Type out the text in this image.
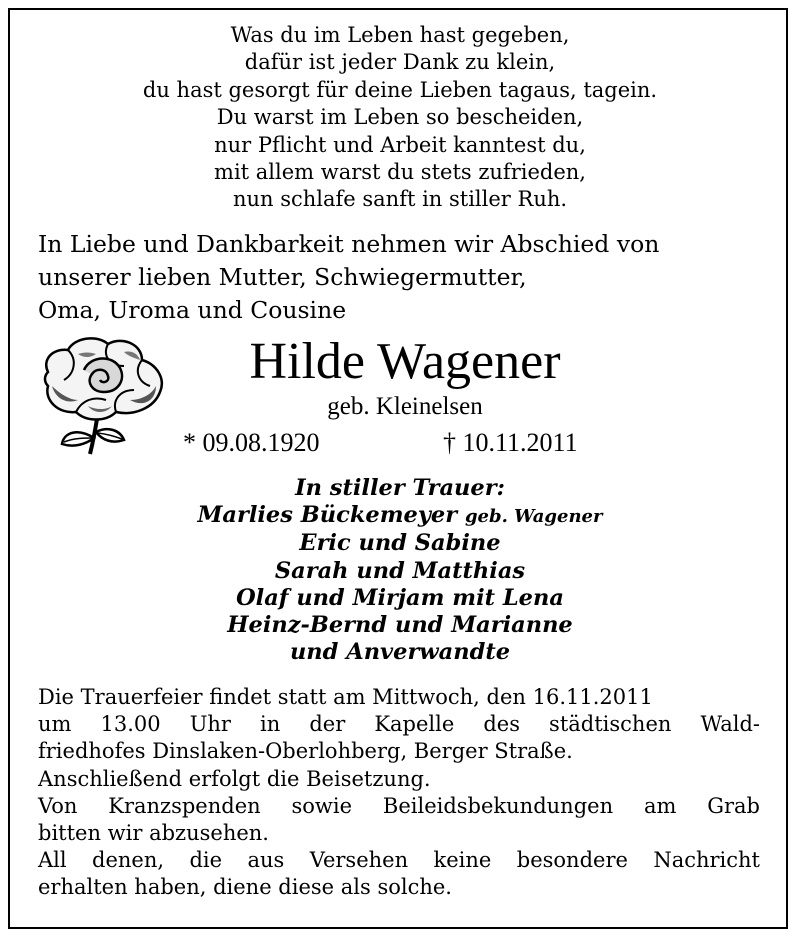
Was du im Leben hast gegeben,
dafür ist jeder Dank zu klein,
du hast gesorgt für deine Lieben tagaus, tagein.
Du warst im Leben so bescheiden,
nur Pflicht und Arbeit kanntest du,
mit allem warst du stets zufrieden,
nun schlafe sanft in stiller Ruh.
In Liebe und Dankbarkeit nehmen wir Abschied von
unserer lieben Mutter, Schwiegermutter,
Oma, Uroma und Cousine
Hilde Wagener
geb. Kleinelsen
* 09.08.1920	† 10.11.2011
In stiller Trauer:
Marlies Bückemeyer geb. Wagener
Eric und Sabine
Sarah und Matthias
Olaf und Mirjam mit Lena
Heinz-Bernd und Marianne
und Anverwandte
Die Trauerfeier findet statt am Mittwoch, den 16.11.2011
um 13.00 Uhr in der Kapelle des städtischen Wald-
friedhofes Dinslaken-Oberlohberg, Berger Straße.
Anschließend erfolgt die Beisetzung.
Von Kranzspenden sowie Beileidsbekundungen am Grab
bitten wir abzusehen.
All denen, die aus Versehen keine besondere Nachricht
erhalten haben, diene diese als solche.
